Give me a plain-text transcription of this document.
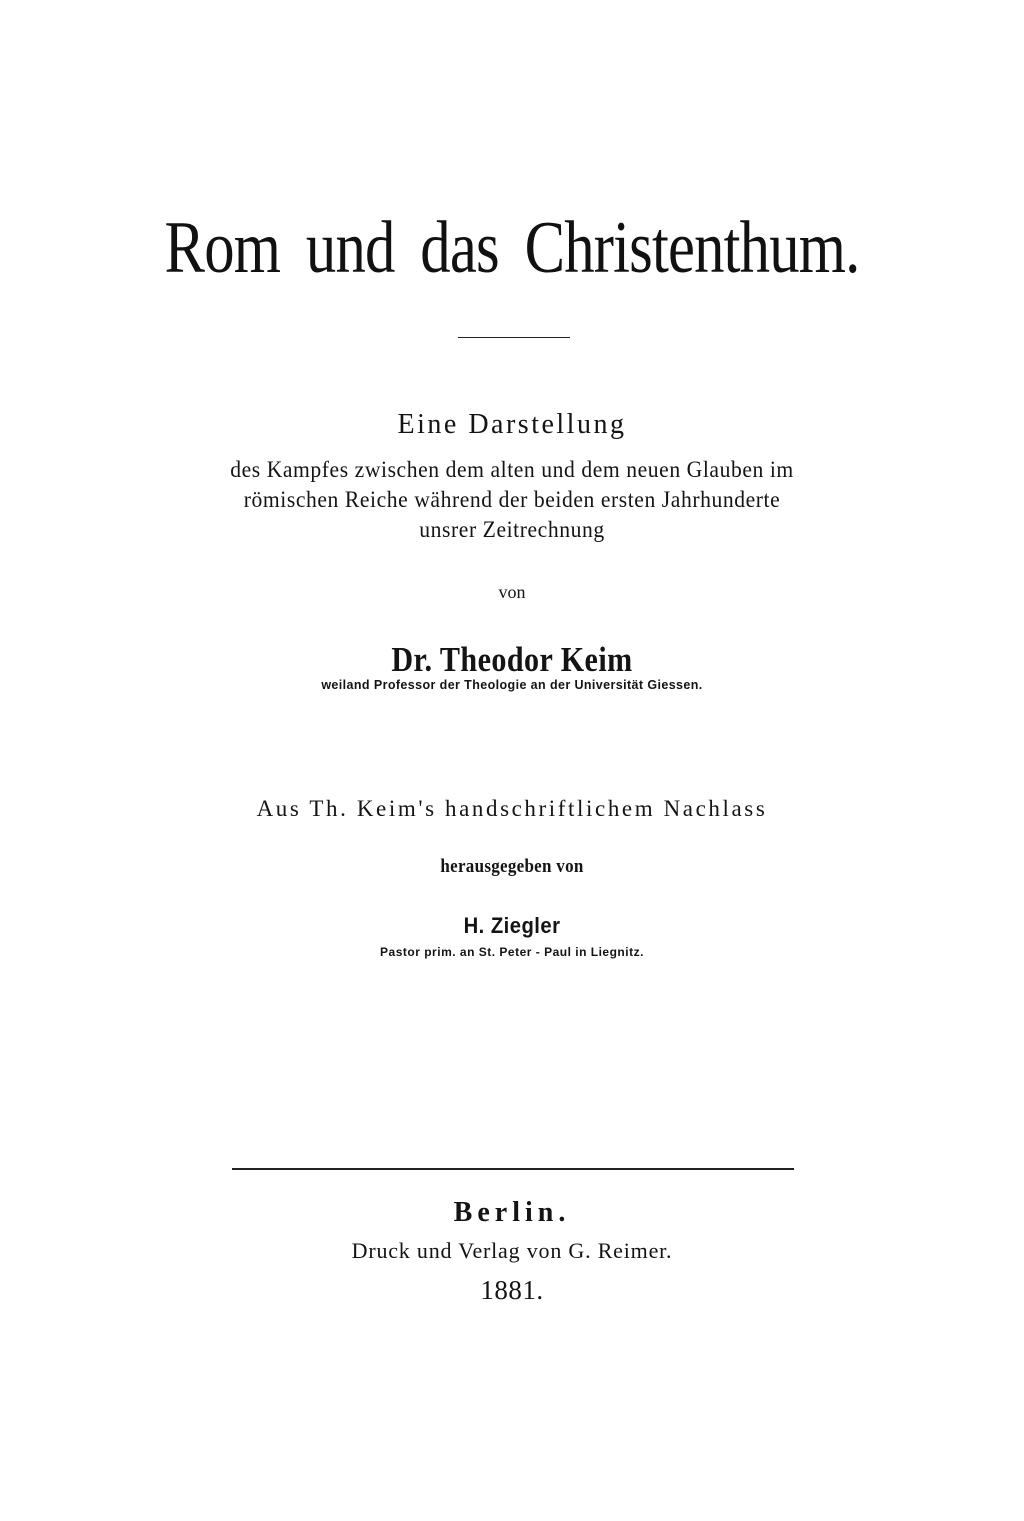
Rom und das Christenthum.
Eine Darstellung
des Kampfes zwischen dem alten und dem neuen Glauben im
römischen Reiche während der beiden ersten Jahrhunderte
unsrer Zeitrechnung
von
Dr. Theodor Keim
weiland Professor der Theologie an der Universität Giessen.
Aus Th. Keim's handschriftlichem Nachlass
herausgegeben von
H. Ziegler
Pastor prim. an St. Peter - Paul in Liegnitz.
Berlin.
Druck und Verlag von G. Reimer.
1881.
